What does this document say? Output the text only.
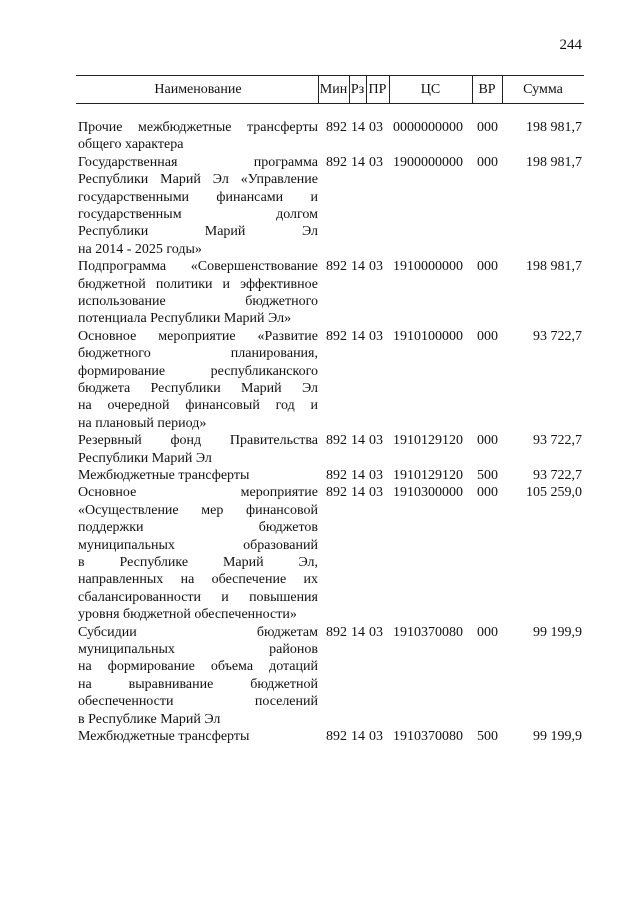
244
Наименование	Мин Рз ПР	ЦС	ВР	Сумма
Прочие межбюджетные трансферты
общего характера
892 14 03 0000000000 000	198 981,7
Государственная программа
Республики Марий Эл «Управление
государственными финансами и
государственным долгом
Республики Марий Эл
на 2014 - 2025 годы»
892 14 03 1900000000 000	198 981,7
Подпрограмма «Совершенствование
бюджетной политики и эффективное
использование бюджетного
потенциала Республики Марий Эл»
892 14 03 1910000000 000	198 981,7
Основное мероприятие «Развитие
бюджетного планирования,
формирование республиканского
бюджета Республики Марий Эл
на очередной финансовый год и
на плановый период»
892 14 03 1910100000 000	93 722,7
Резервный фонд Правительства
Республики Марий Эл
892 14 03 1910129120 000	93 722,7
Межбюджетные трансферты	892 14 03 1910129120 500	93 722,7
Основное мероприятие
«Осуществление мер финансовой
поддержки бюджетов
муниципальных образований
в Республике Марий Эл,
направленных на обеспечение их
сбалансированности и повышения
уровня бюджетной обеспеченности»
892 14 03 1910300000 000	105 259,0
Субсидии бюджетам
муниципальных районов
на формирование объема дотаций
на выравнивание бюджетной
обеспеченности поселений
в Республике Марий Эл
892 14 03 1910370080 000	99 199,9
Межбюджетные трансферты	892 14 03 1910370080 500	99 199,9
